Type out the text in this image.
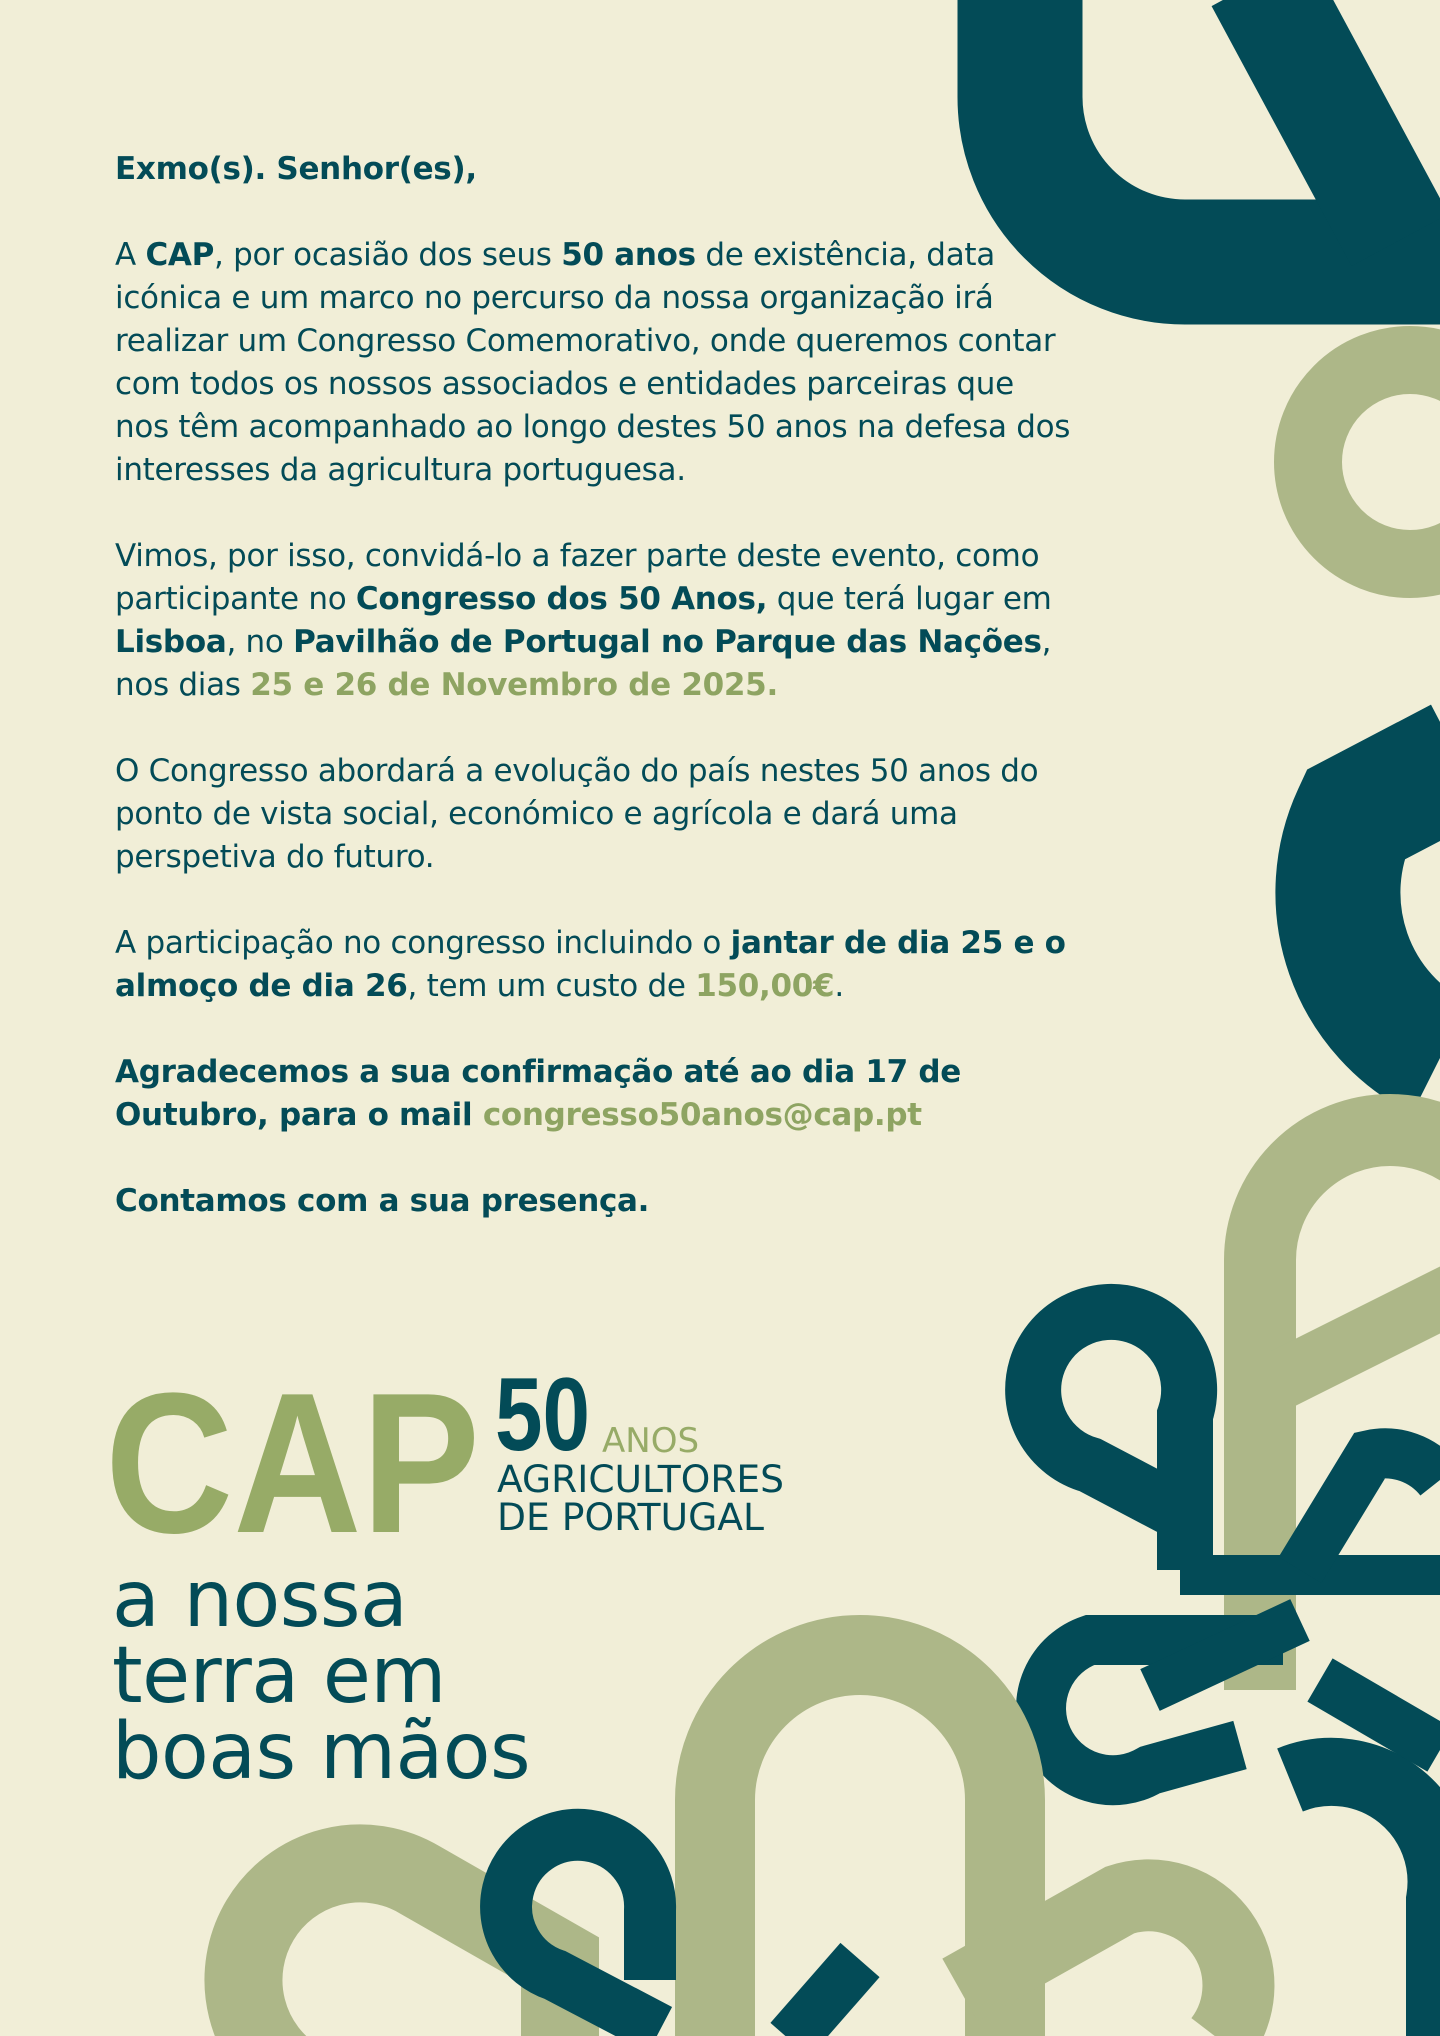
Exmo(s). Senhor(es),

A CAP, por ocasião dos seus 50 anos de existência, data icónica e um marco no percurso da nossa organização irá realizar um Congresso Comemorativo, onde queremos contar com todos os nossos associados e entidades parceiras que nos têm acompanhado ao longo destes 50 anos na defesa dos interesses da agricultura portuguesa.

Vimos, por isso, convidá-lo a fazer parte deste evento, como participante no Congresso dos 50 Anos, que terá lugar em Lisboa, no Pavilhão de Portugal no Parque das Nações, nos dias 25 e 26 de Novembro de 2025.

O Congresso abordará a evolução do país nestes 50 anos do ponto de vista social, económico e agrícola e dará uma perspetiva do futuro.

A participação no congresso incluindo o jantar de dia 25 e o almoço de dia 26, tem um custo de 150,00€.

Agradecemos a sua confirmação até ao dia 17 de Outubro, para o mail congresso50anos@cap.pt

Contamos com a sua presença.

CAP 50 ANOS
AGRICULTORES
DE PORTUGAL
a nossa
terra em
boas mãos
